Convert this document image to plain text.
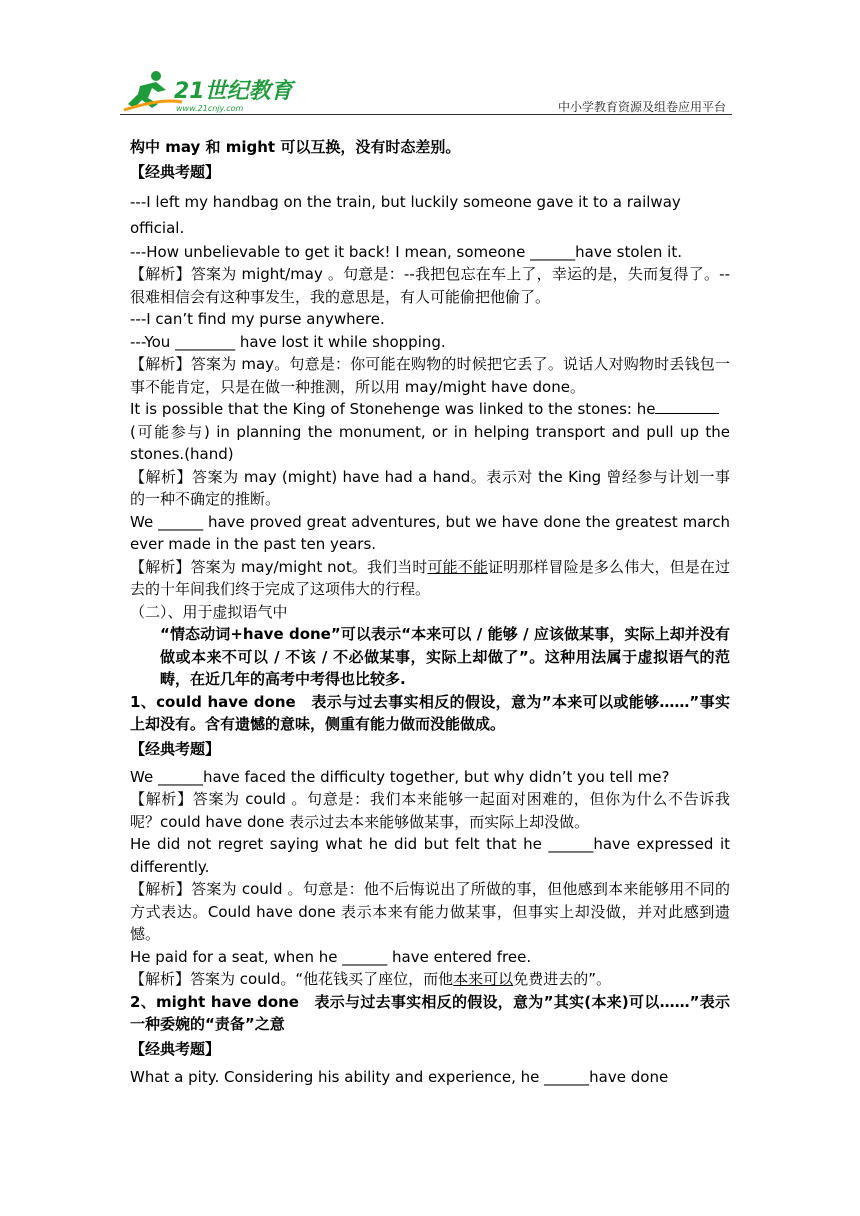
21世纪教育
www.21cnjy.com	中小学教育资源及组卷应用平台

构中 may 和 might 可以互换，没有时态差别。

【经典考题】

---I left my handbag on the train, but luckily someone gave it to a railway official.

---How unbelievable to get it back! I mean, someone ______have stolen it.

【解析】答案为 might/may 。句意是：--我把包忘在车上了，幸运的是，失而复得了。--很难相信会有这种事发生，我的意思是，有人可能偷把他偷了。

---I can’t find my purse anywhere.

---You ________ have lost it while shopping.

【解析】答案为 may。句意是：你可能在购物的时候把它丢了。说话人对购物时丢钱包一事不能肯定，只是在做一种推测，所以用 may/might have done。

It is possible that the King of Stonehenge was linked to the stones: he
(可能参与) in planning the monument, or in helping transport and pull up the stones.(hand)

【解析】答案为 may (might) have had a hand。表示对 the King 曾经参与计划一事的一种不确定的推断。

We ______ have proved great adventures, but we have done the greatest march ever made in the past ten years.

【解析】答案为 may/might not。我们当时可能不能证明那样冒险是多么伟大，但是在过去的十年间我们终于完成了这项伟大的行程。

（二）、用于虚拟语气中

“情态动词+have done”可以表示“本来可以 / 能够 / 应该做某事，实际上却并没有做或本来不可以 / 不该 / 不必做某事，实际上却做了”。这种用法属于虚拟语气的范畴，在近几年的高考中考得也比较多.

1、could have done　表示与过去事实相反的假设，意为”本来可以或能够……”事实上却没有。含有遗憾的意味，侧重有能力做而没能做成。

【经典考题】

We ______have faced the difficulty together, but why didn’t you tell me?

【解析】答案为 could 。句意是：我们本来能够一起面对困难的，但你为什么不告诉我呢？could have done 表示过去本来能够做某事，而实际上却没做。

He did not regret saying what he did but felt that he ______have expressed it differently.

【解析】答案为 could 。句意是：他不后悔说出了所做的事，但他感到本来能够用不同的方式表达。Could have done 表示本来有能力做某事，但事实上却没做，并对此感到遗憾。

He paid for a seat, when he ______ have entered free.

【解析】答案为 could。“他花钱买了座位，而他本来可以免费进去的”。

2、might have done　表示与过去事实相反的假设，意为”其实(本来)可以……”表示一种委婉的“责备”之意

【经典考题】

What a pity. Considering his ability and experience, he ______have done
